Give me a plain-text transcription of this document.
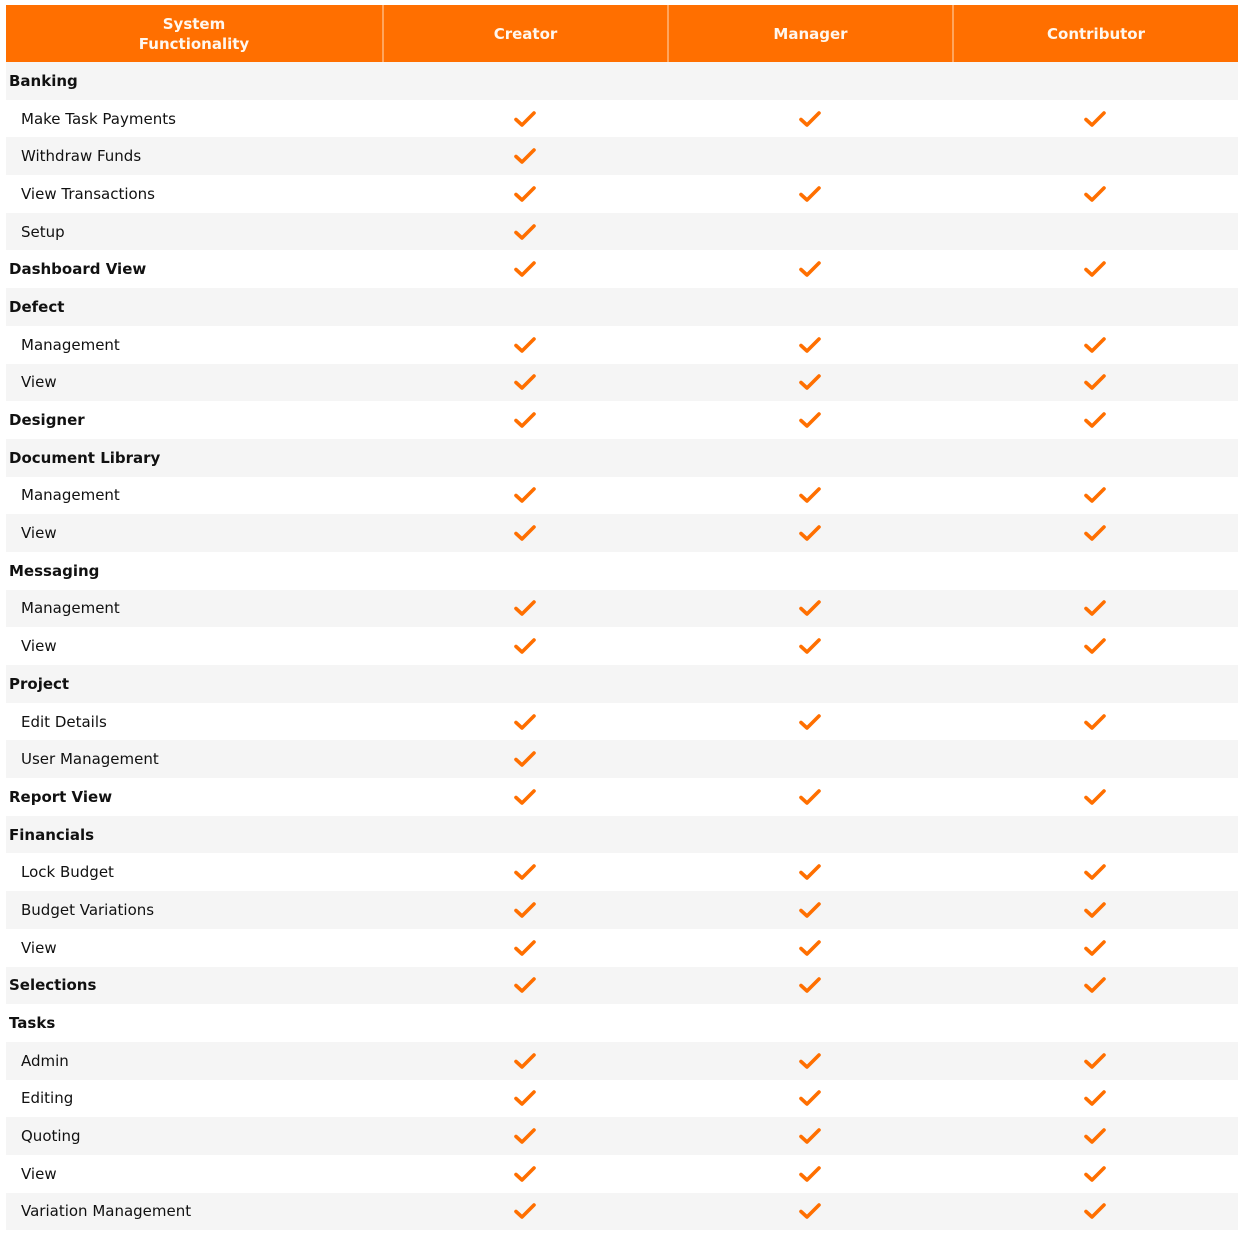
System
Functionality
Creator	Manager	Contributor
Banking
Make Task Payments
Withdraw Funds
View Transactions
Setup
Dashboard View
Defect
Management
View
Designer
Document Library
Management
View
Messaging
Management
View
Project
Edit Details
User Management
Report View
Financials
Lock Budget
Budget Variations
View
Selections
Tasks
Admin
Editing
Quoting
View
Variation Management
